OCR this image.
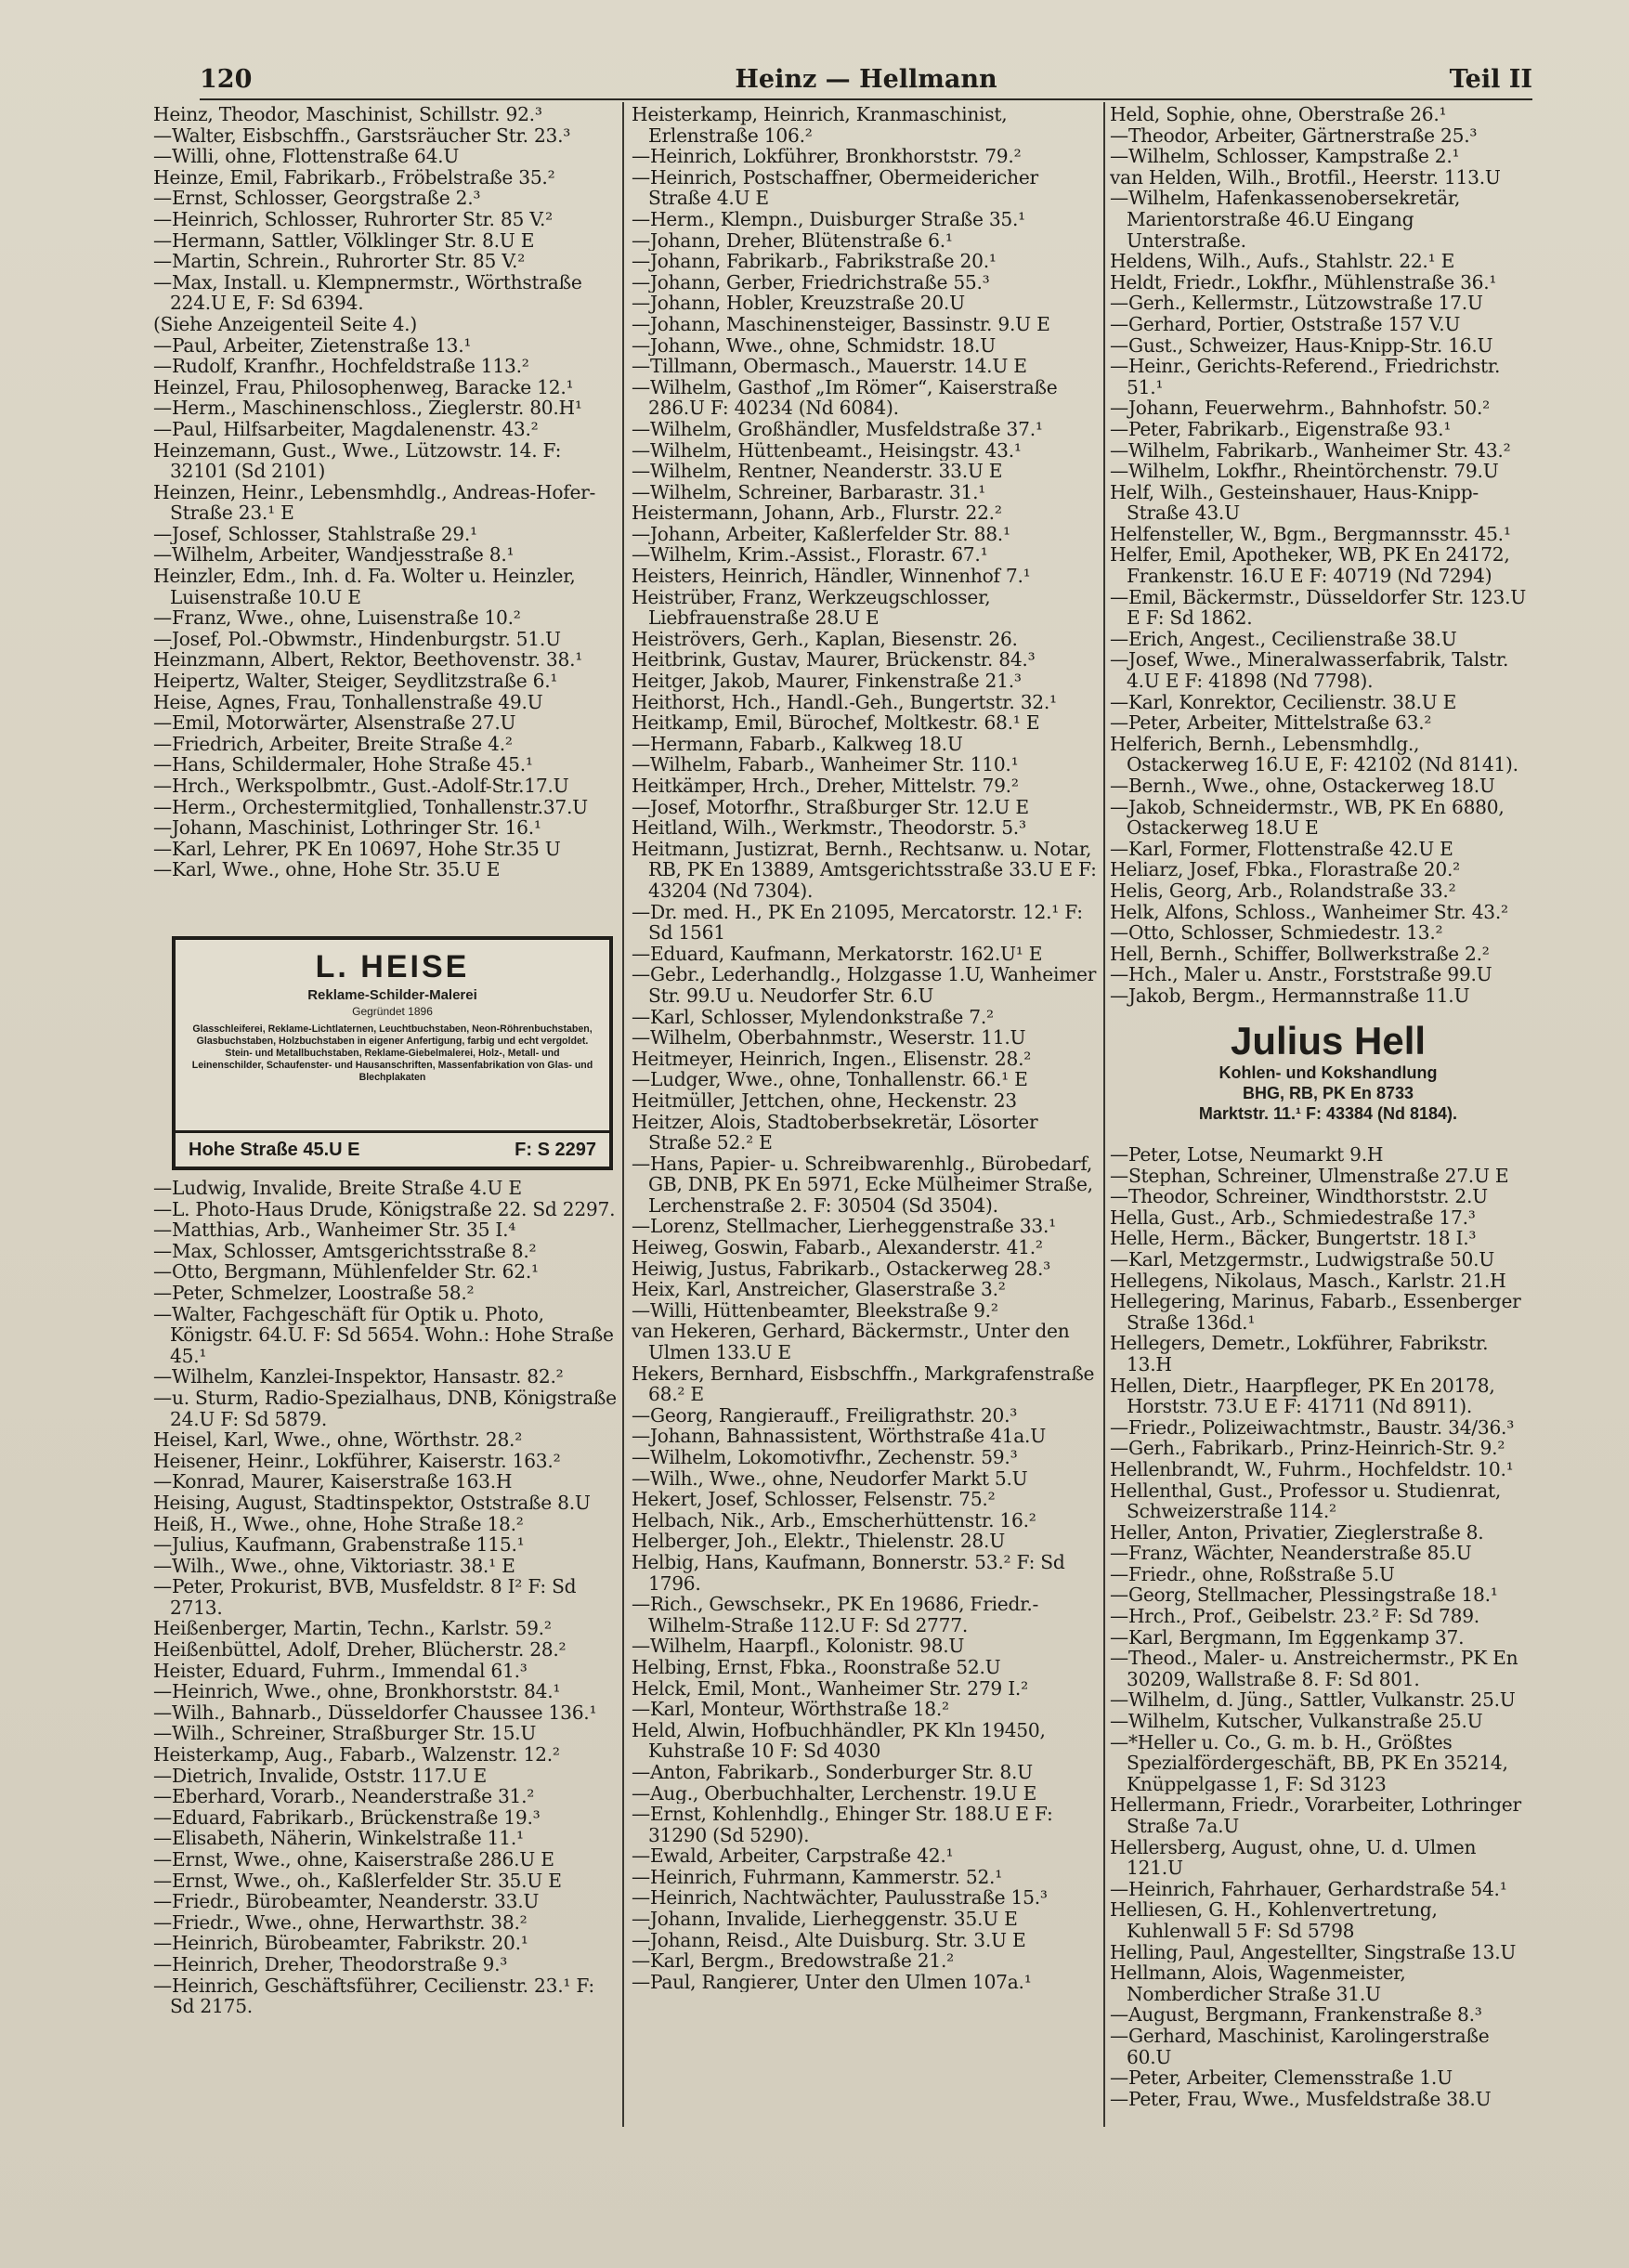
120	Heinz — Hellmann	Teil II

Heinz, Theodor, Maschinist, Schillstr. 92.³

—Walter, Eisbschffn., Garstsräucher Str. 23.³

—Willi, ohne, Flottenstraße 64.U

Heinze, Emil, Fabrikarb., Fröbelstraße 35.²

—Ernst, Schlosser, Georgstraße 2.³

—Heinrich, Schlosser, Ruhrorter Str. 85 V.²

—Hermann, Sattler, Völklinger Str. 8.U E

—Martin, Schrein., Ruhrorter Str. 85 V.²

—Max, Install. u. Klempnermstr., Wörthstraße 224.U E, F: Sd 6394.

(Siehe Anzeigenteil Seite 4.)

—Paul, Arbeiter, Zietenstraße 13.¹

—Rudolf, Kranfhr., Hochfeldstraße 113.²

Heinzel, Frau, Philosophenweg, Baracke 12.¹

—Herm., Maschinenschloss., Zieglerstr. 80.H¹

—Paul, Hilfsarbeiter, Magdalenenstr. 43.²

Heinzemann, Gust., Wwe., Lützowstr. 14. F: 32101 (Sd 2101)

Heinzen, Heinr., Lebensmhdlg., Andreas-Hofer-Straße 23.¹ E

—Josef, Schlosser, Stahlstraße 29.¹

—Wilhelm, Arbeiter, Wandjesstraße 8.¹

Heinzler, Edm., Inh. d. Fa. Wolter u. Heinzler, Luisenstraße 10.U E

—Franz, Wwe., ohne, Luisenstraße 10.²

—Josef, Pol.-Obwmstr., Hindenburgstr. 51.U

Heinzmann, Albert, Rektor, Beethovenstr. 38.¹

Heipertz, Walter, Steiger, Seydlitzstraße 6.¹

Heise, Agnes, Frau, Tonhallenstraße 49.U

—Emil, Motorwärter, Alsenstraße 27.U

—Friedrich, Arbeiter, Breite Straße 4.²

—Hans, Schildermaler, Hohe Straße 45.¹

—Hrch., Werkspolbmtr., Gust.-Adolf-Str.17.U

—Herm., Orchestermitglied, Tonhallenstr.37.U

—Johann, Maschinist, Lothringer Str. 16.¹

—Karl, Lehrer, PK En 10697, Hohe Str.35 U

—Karl, Wwe., ohne, Hohe Str. 35.U E

L. HEISE
Reklame-Schilder-Malerei
Gegründet 1896
Glasschleiferei, Reklame-Lichtlaternen, Leuchtbuchstaben, Neon-Röhrenbuchstaben, Glasbuchstaben, Holzbuchstaben in eigener Anfertigung, farbig und echt vergoldet. Stein- und Metallbuchstaben, Reklame-Giebelmalerei, Holz-, Metall- und Leinenschilder, Schaufenster- und Hausanschriften, Massenfabrikation von Glas- und Blechplakaten
Hohe Straße 45.U E	F: S 2297

—Ludwig, Invalide, Breite Straße 4.U E

—L. Photo-Haus Drude, Königstraße 22. Sd 2297.

—Matthias, Arb., Wanheimer Str. 35 I.⁴

—Max, Schlosser, Amtsgerichtsstraße 8.²

—Otto, Bergmann, Mühlenfelder Str. 62.¹

—Peter, Schmelzer, Loostraße 58.²

—Walter, Fachgeschäft für Optik u. Photo, Königstr. 64.U. F: Sd 5654. Wohn.: Hohe Straße 45.¹

—Wilhelm, Kanzlei-Inspektor, Hansastr. 82.²

—u. Sturm, Radio-Spezialhaus, DNB, Königstraße 24.U F: Sd 5879.

Heisel, Karl, Wwe., ohne, Wörthstr. 28.²

Heisener, Heinr., Lokführer, Kaiserstr. 163.²

—Konrad, Maurer, Kaiserstraße 163.H

Heising, August, Stadtinspektor, Oststraße 8.U

Heiß, H., Wwe., ohne, Hohe Straße 18.²

—Julius, Kaufmann, Grabenstraße 115.¹

—Wilh., Wwe., ohne, Viktoriastr. 38.¹ E

—Peter, Prokurist, BVB, Musfeldstr. 8 I² F: Sd 2713.

Heißenberger, Martin, Techn., Karlstr. 59.²

Heißenbüttel, Adolf, Dreher, Blücherstr. 28.²

Heister, Eduard, Fuhrm., Immendal 61.³

—Heinrich, Wwe., ohne, Bronkhorststr. 84.¹

—Wilh., Bahnarb., Düsseldorfer Chaussee 136.¹

—Wilh., Schreiner, Straßburger Str. 15.U

Heisterkamp, Aug., Fabarb., Walzenstr. 12.²

—Dietrich, Invalide, Oststr. 117.U E

—Eberhard, Vorarb., Neanderstraße 31.²

—Eduard, Fabrikarb., Brückenstraße 19.³

—Elisabeth, Näherin, Winkelstraße 11.¹

—Ernst, Wwe., ohne, Kaiserstraße 286.U E

—Ernst, Wwe., oh., Kaßlerfelder Str. 35.U E

—Friedr., Bürobeamter, Neanderstr. 33.U

—Friedr., Wwe., ohne, Herwarthstr. 38.²

—Heinrich, Bürobeamter, Fabrikstr. 20.¹

—Heinrich, Dreher, Theodorstraße 9.³

—Heinrich, Geschäftsführer, Cecilienstr. 23.¹ F: Sd 2175.

Heisterkamp, Heinrich, Kranmaschinist, Erlenstraße 106.²

—Heinrich, Lokführer, Bronkhorststr. 79.²

—Heinrich, Postschaffner, Obermeidericher Straße 4.U E

—Herm., Klempn., Duisburger Straße 35.¹

—Johann, Dreher, Blütenstraße 6.¹

—Johann, Fabrikarb., Fabrikstraße 20.¹

—Johann, Gerber, Friedrichstraße 55.³

—Johann, Hobler, Kreuzstraße 20.U

—Johann, Maschinensteiger, Bassinstr. 9.U E

—Johann, Wwe., ohne, Schmidstr. 18.U

—Tillmann, Obermasch., Mauerstr. 14.U E

—Wilhelm, Gasthof „Im Römer“, Kaiserstraße 286.U F: 40234 (Nd 6084).

—Wilhelm, Großhändler, Musfeldstraße 37.¹

—Wilhelm, Hüttenbeamt., Heisingstr. 43.¹

—Wilhelm, Rentner, Neanderstr. 33.U E

—Wilhelm, Schreiner, Barbarastr. 31.¹

Heistermann, Johann, Arb., Flurstr. 22.²

—Johann, Arbeiter, Kaßlerfelder Str. 88.¹

—Wilhelm, Krim.-Assist., Florastr. 67.¹

Heisters, Heinrich, Händler, Winnenhof 7.¹

Heistrüber, Franz, Werkzeugschlosser, Liebfrauenstraße 28.U E

Heiströvers, Gerh., Kaplan, Biesenstr. 26.

Heitbrink, Gustav, Maurer, Brückenstr. 84.³

Heitger, Jakob, Maurer, Finkenstraße 21.³

Heithorst, Hch., Handl.-Geh., Bungertstr. 32.¹

Heitkamp, Emil, Bürochef, Moltkestr. 68.¹ E

—Hermann, Fabarb., Kalkweg 18.U

—Wilhelm, Fabarb., Wanheimer Str. 110.¹

Heitkämper, Hrch., Dreher, Mittelstr. 79.²

—Josef, Motorfhr., Straßburger Str. 12.U E

Heitland, Wilh., Werkmstr., Theodorstr. 5.³

Heitmann, Justizrat, Bernh., Rechtsanw. u. Notar, RB, PK En 13889, Amtsgerichtsstraße 33.U E F: 43204 (Nd 7304).

—Dr. med. H., PK En 21095, Mercatorstr. 12.¹ F: Sd 1561

—Eduard, Kaufmann, Merkatorstr. 162.U¹ E

—Gebr., Lederhandlg., Holzgasse 1.U, Wanheimer Str. 99.U u. Neudorfer Str. 6.U

—Karl, Schlosser, Mylendonkstraße 7.²

—Wilhelm, Oberbahnmstr., Weserstr. 11.U

Heitmeyer, Heinrich, Ingen., Elisenstr. 28.²

—Ludger, Wwe., ohne, Tonhallenstr. 66.¹ E

Heitmüller, Jettchen, ohne, Heckenstr. 23

Heitzer, Alois, Stadtoberbsekretär, Lösorter Straße 52.² E

—Hans, Papier- u. Schreibwarenhlg., Bürobedarf, GB, DNB, PK En 5971, Ecke Mülheimer Straße, Lerchenstraße 2. F: 30504 (Sd 3504).

—Lorenz, Stellmacher, Lierheggenstraße 33.¹

Heiweg, Goswin, Fabarb., Alexanderstr. 41.²

Heiwig, Justus, Fabrikarb., Ostackerweg 28.³

Heix, Karl, Anstreicher, Glaserstraße 3.²

—Willi, Hüttenbeamter, Bleekstraße 9.²

van Hekeren, Gerhard, Bäckermstr., Unter den Ulmen 133.U E

Hekers, Bernhard, Eisbschffn., Markgrafenstraße 68.² E

—Georg, Rangierauff., Freiligrathstr. 20.³

—Johann, Bahnassistent, Wörthstraße 41a.U

—Wilhelm, Lokomotivfhr., Zechenstr. 59.³

—Wilh., Wwe., ohne, Neudorfer Markt 5.U

Hekert, Josef, Schlosser, Felsenstr. 75.²

Helbach, Nik., Arb., Emscherhüttenstr. 16.²

Helberger, Joh., Elektr., Thielenstr. 28.U

Helbig, Hans, Kaufmann, Bonnerstr. 53.² F: Sd 1796.

—Rich., Gewschsekr., PK En 19686, Friedr.-Wilhelm-Straße 112.U F: Sd 2777.

—Wilhelm, Haarpfl., Kolonistr. 98.U

Helbing, Ernst, Fbka., Roonstraße 52.U

Helck, Emil, Mont., Wanheimer Str. 279 I.²

—Karl, Monteur, Wörthstraße 18.²

Held, Alwin, Hofbuchhändler, PK Kln 19450, Kuhstraße 10 F: Sd 4030

—Anton, Fabrikarb., Sonderburger Str. 8.U

—Aug., Oberbuchhalter, Lerchenstr. 19.U E

—Ernst, Kohlenhdlg., Ehinger Str. 188.U E F: 31290 (Sd 5290).

—Ewald, Arbeiter, Carpstraße 42.¹

—Heinrich, Fuhrmann, Kammerstr. 52.¹

—Heinrich, Nachtwächter, Paulusstraße 15.³

—Johann, Invalide, Lierheggenstr. 35.U E

—Johann, Reisd., Alte Duisburg. Str. 3.U E

—Karl, Bergm., Bredowstraße 21.²

—Paul, Rangierer, Unter den Ulmen 107a.¹

Held, Sophie, ohne, Oberstraße 26.¹

—Theodor, Arbeiter, Gärtnerstraße 25.³

—Wilhelm, Schlosser, Kampstraße 2.¹

van Helden, Wilh., Brotfil., Heerstr. 113.U

—Wilhelm, Hafenkassenobersekretär, Marientorstraße 46.U Eingang Unterstraße.

Heldens, Wilh., Aufs., Stahlstr. 22.¹ E

Heldt, Friedr., Lokfhr., Mühlenstraße 36.¹

—Gerh., Kellermstr., Lützowstraße 17.U

—Gerhard, Portier, Oststraße 157 V.U

—Gust., Schweizer, Haus-Knipp-Str. 16.U

—Heinr., Gerichts-Referend., Friedrichstr. 51.¹

—Johann, Feuerwehrm., Bahnhofstr. 50.²

—Peter, Fabrikarb., Eigenstraße 93.¹

—Wilhelm, Fabrikarb., Wanheimer Str. 43.²

—Wilhelm, Lokfhr., Rheintörchenstr. 79.U

Helf, Wilh., Gesteinshauer, Haus-Knipp-Straße 43.U

Helfensteller, W., Bgm., Bergmannsstr. 45.¹

Helfer, Emil, Apotheker, WB, PK En 24172, Frankenstr. 16.U E F: 40719 (Nd 7294)

—Emil, Bäckermstr., Düsseldorfer Str. 123.U E F: Sd 1862.

—Erich, Angest., Cecilienstraße 38.U

—Josef, Wwe., Mineralwasserfabrik, Talstr. 4.U E F: 41898 (Nd 7798).

—Karl, Konrektor, Cecilienstr. 38.U E

—Peter, Arbeiter, Mittelstraße 63.²

Helferich, Bernh., Lebensmhdlg., Ostackerweg 16.U E, F: 42102 (Nd 8141).

—Bernh., Wwe., ohne, Ostackerweg 18.U

—Jakob, Schneidermstr., WB, PK En 6880, Ostackerweg 18.U E

—Karl, Former, Flottenstraße 42.U E

Heliarz, Josef, Fbka., Florastraße 20.²

Helis, Georg, Arb., Rolandstraße 33.²

Helk, Alfons, Schloss., Wanheimer Str. 43.²

—Otto, Schlosser, Schmiedestr. 13.²

Hell, Bernh., Schiffer, Bollwerkstraße 2.²

—Hch., Maler u. Anstr., Forststraße 99.U

—Jakob, Bergm., Hermannstraße 11.U

Julius Hell
Kohlen- und Kokshandlung
BHG, RB, PK En 8733
Marktstr. 11.¹ F: 43384 (Nd 8184).

—Peter, Lotse, Neumarkt 9.H

—Stephan, Schreiner, Ulmenstraße 27.U E

—Theodor, Schreiner, Windthorststr. 2.U

Hella, Gust., Arb., Schmiedestraße 17.³

Helle, Herm., Bäcker, Bungertstr. 18 I.³

—Karl, Metzgermstr., Ludwigstraße 50.U

Hellegens, Nikolaus, Masch., Karlstr. 21.H

Hellegering, Marinus, Fabarb., Essenberger Straße 136d.¹

Hellegers, Demetr., Lokführer, Fabrikstr. 13.H

Hellen, Dietr., Haarpfleger, PK En 20178, Horststr. 73.U E F: 41711 (Nd 8911).

—Friedr., Polizeiwachtmstr., Baustr. 34/36.³

—Gerh., Fabrikarb., Prinz-Heinrich-Str. 9.²

Hellenbrandt, W., Fuhrm., Hochfeldstr. 10.¹

Hellenthal, Gust., Professor u. Studienrat, Schweizerstraße 114.²

Heller, Anton, Privatier, Zieglerstraße 8.

—Franz, Wächter, Neanderstraße 85.U

—Friedr., ohne, Roßstraße 5.U

—Georg, Stellmacher, Plessingstraße 18.¹

—Hrch., Prof., Geibelstr. 23.² F: Sd 789.

—Karl, Bergmann, Im Eggenkamp 37.

—Theod., Maler- u. Anstreichermstr., PK En 30209, Wallstraße 8. F: Sd 801.

—Wilhelm, d. Jüng., Sattler, Vulkanstr. 25.U

—Wilhelm, Kutscher, Vulkanstraße 25.U

—*Heller u. Co., G. m. b. H., Größtes Spezialfördergeschäft, BB, PK En 35214, Knüppelgasse 1, F: Sd 3123

Hellermann, Friedr., Vorarbeiter, Lothringer Straße 7a.U

Hellersberg, August, ohne, U. d. Ulmen 121.U

—Heinrich, Fahrhauer, Gerhardstraße 54.¹

Helliesen, G. H., Kohlenvertretung, Kuhlenwall 5 F: Sd 5798

Helling, Paul, Angestellter, Singstraße 13.U

Hellmann, Alois, Wagenmeister, Nomberdicher Straße 31.U

—August, Bergmann, Frankenstraße 8.³

—Gerhard, Maschinist, Karolingerstraße 60.U

—Peter, Arbeiter, Clemensstraße 1.U

—Peter, Frau, Wwe., Musfeldstraße 38.U
